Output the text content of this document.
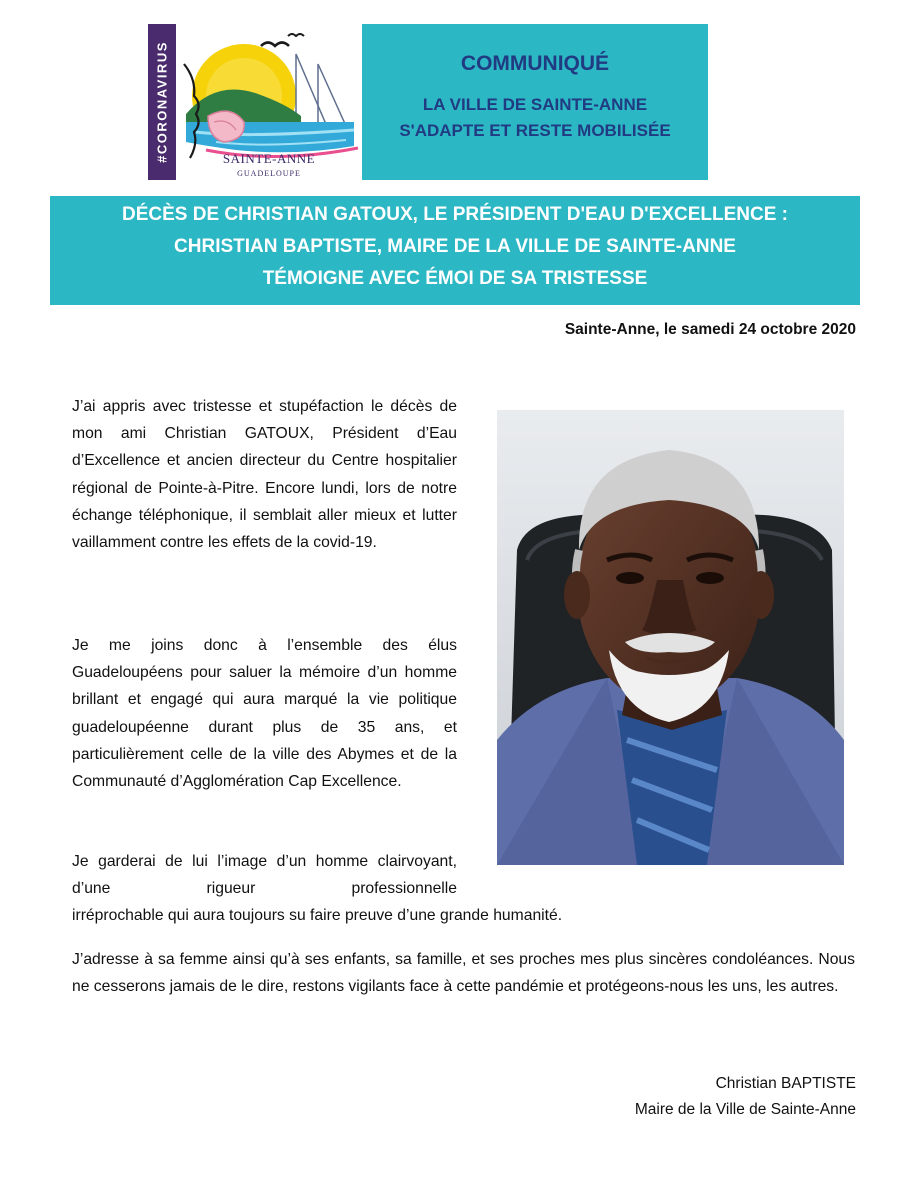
#CORONAVIRUS	SAINTE-ANNE
GUADELOUPE
COMMUNIQUÉ
LA VILLE DE SAINTE-ANNE
S'ADAPTE ET RESTE MOBILISÉE
DÉCÈS DE CHRISTIAN GATOUX, LE PRÉSIDENT D'EAU D'EXCELLENCE :
CHRISTIAN BAPTISTE, MAIRE DE LA VILLE DE SAINTE-ANNE
TÉMOIGNE AVEC ÉMOI DE SA TRISTESSE
Sainte-Anne, le samedi 24 octobre 2020
J’ai appris avec tristesse et stupéfaction le décès de mon ami Christian GATOUX, Président d’Eau d’Excellence et ancien directeur du Centre hospitalier régional de Pointe-à-Pitre. Encore lundi, lors de notre échange téléphonique, il semblait aller mieux et lutter vaillamment contre les effets de la covid-19.
Je me joins donc à l’ensemble des élus Guadeloupéens pour saluer la mémoire d’un homme brillant et engagé qui aura marqué la vie politique guadeloupéenne durant plus de 35 ans, et particulièrement celle de la ville des Abymes et de la Communauté d’Agglomération Cap Excellence.
Je garderai de lui l’image d’un homme clairvoyant, d’une rigueur professionnelle
irréprochable qui aura toujours su faire preuve d’une grande humanité.
J’adresse à sa femme ainsi qu’à ses enfants, sa famille, et ses proches mes plus sincères condoléances. Nous ne cesserons jamais de le dire, restons vigilants face à cette pandémie et protégeons-nous les uns, les autres.
Christian BAPTISTE
Maire de la Ville de Sainte-Anne
